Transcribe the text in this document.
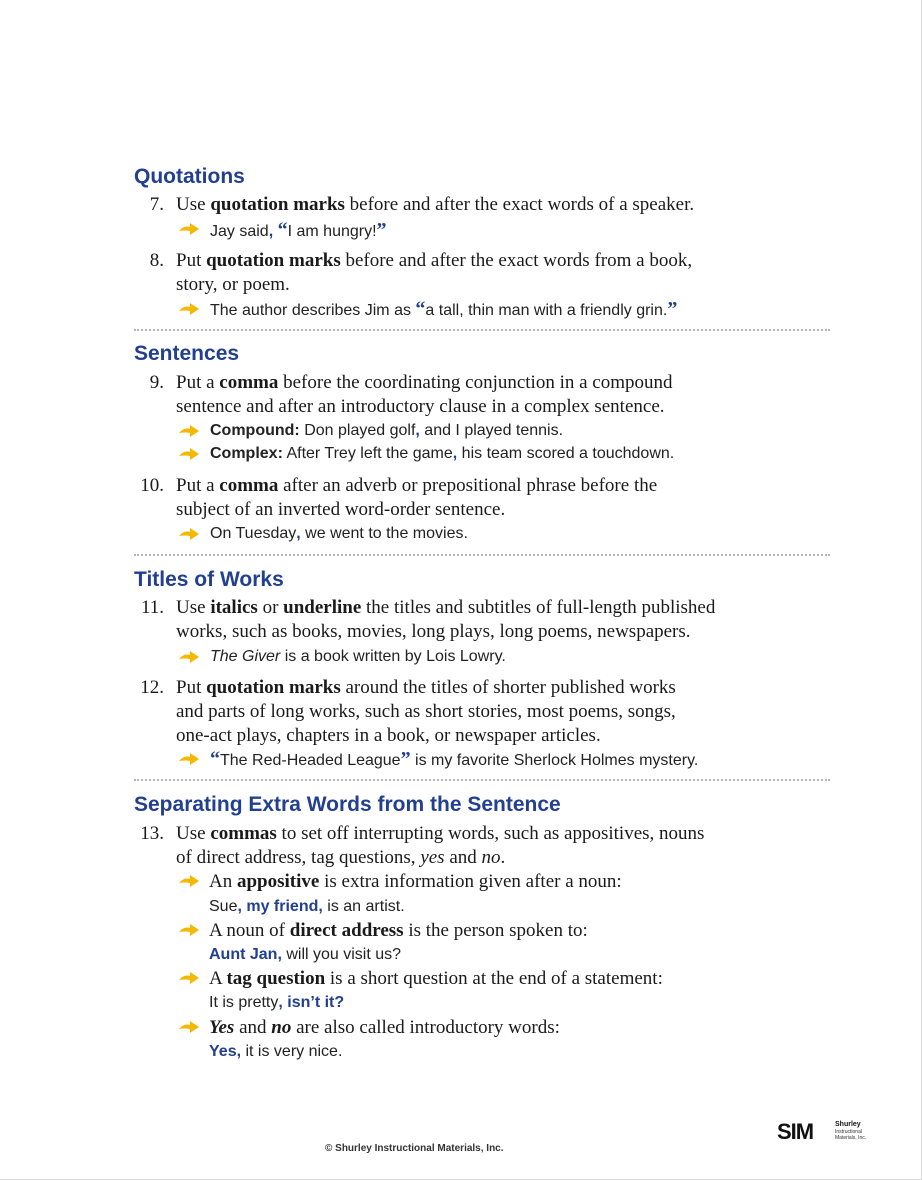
Quotations
7. Use quotation marks before and after the exact words of a speaker.
Jay said, “I am hungry!”
8. Put quotation marks before and after the exact words from a book,
story, or poem.
The author describes Jim as “a tall, thin man with a friendly grin.”
Sentences
9. Put a comma before the coordinating conjunction in a compound
sentence and after an introductory clause in a complex sentence.
Compound: Don played golf, and I played tennis.
Complex: After Trey left the game, his team scored a touchdown.
10. Put a comma after an adverb or prepositional phrase before the
subject of an inverted word-order sentence.
On Tuesday, we went to the movies.
Titles of Works
11. Use italics or underline the titles and subtitles of full-length published
works, such as books, movies, long plays, long poems, newspapers.
The Giver is a book written by Lois Lowry.
12. Put quotation marks around the titles of shorter published works
and parts of long works, such as short stories, most poems, songs,
one-act plays, chapters in a book, or newspaper articles.
“The Red-Headed League” is my favorite Sherlock Holmes mystery.
Separating Extra Words from the Sentence
13. Use commas to set off interrupting words, such as appositives, nouns
of direct address, tag questions, yes and no.
An appositive is extra information given after a noun:
Sue, my friend, is an artist.
A noun of direct address is the person spoken to:
Aunt Jan, will you visit us?
A tag question is a short question at the end of a statement:
It is pretty, isn’t it?
Yes and no are also called introductory words:
Yes, it is very nice.
© Shurley Instructional Materials, Inc.
SIM	Shurley
Instructional
Materials, Inc.
